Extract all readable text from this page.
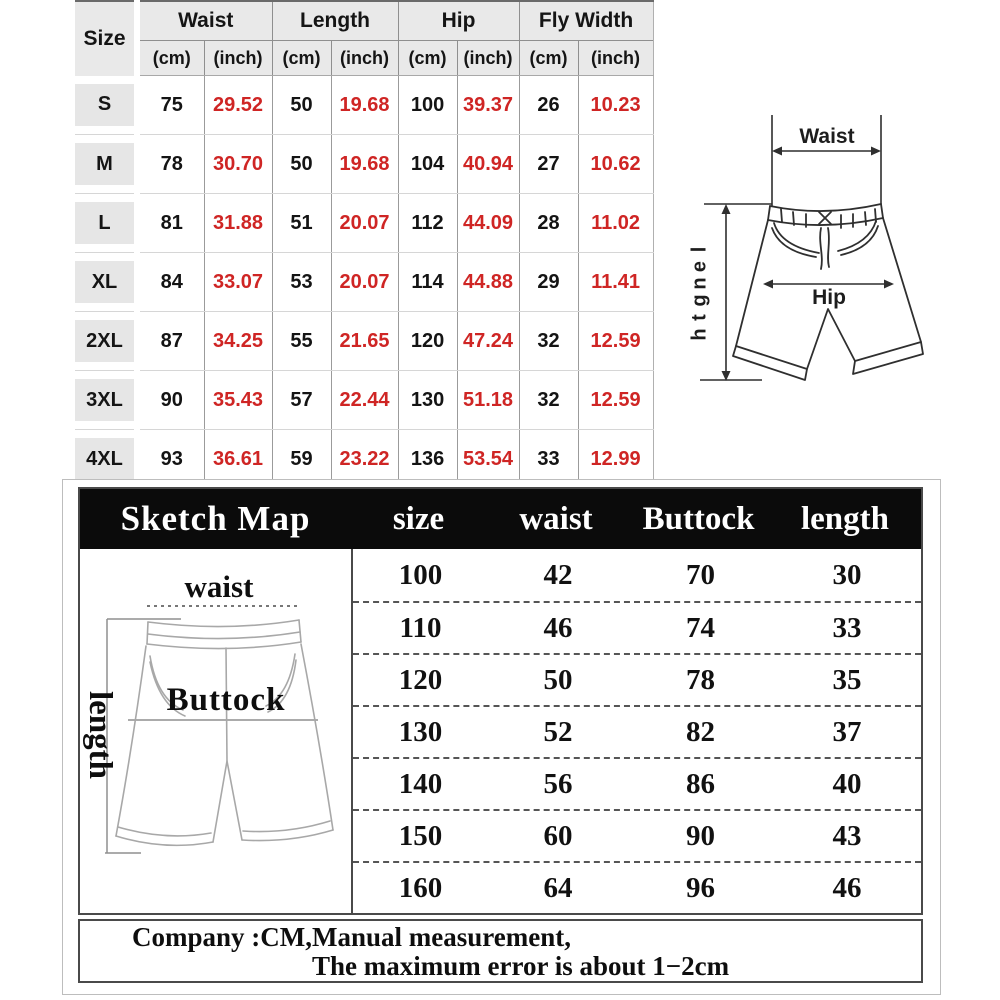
Size	Waist		Length		Hip		Fly Width	
	(cm)	(inch)	(cm)	(inch)	(cm)	(inch)	(cm)	(inch)

S	75	29.52	50	19.68	100	39.37	26	10.23

M	78	30.70	50	19.68	104	40.94	27	10.62

L	81	31.88	51	20.07	112	44.09	28	11.02

XL	84	33.07	53	20.07	114	44.88	29	11.41

2XL	87	34.25	55	21.65	120	47.24	32	12.59

3XL	90	35.43	57	22.44	130	51.18	32	12.59

4XL	93	36.61	59	23.22	136	53.54	33	12.99
Waist
Hip
l
e
n
g
t
h
Sketch Map	size	waist	Buttock	length
waist
Buttock
length
100	42	70	30
110	46	74	33
120	50	78	35
130	52	82	37
140	56	86	40
150	60	90	43
160	64	96	46
Company :CM,Manual measurement,
The maximum error is about 1−2cm
